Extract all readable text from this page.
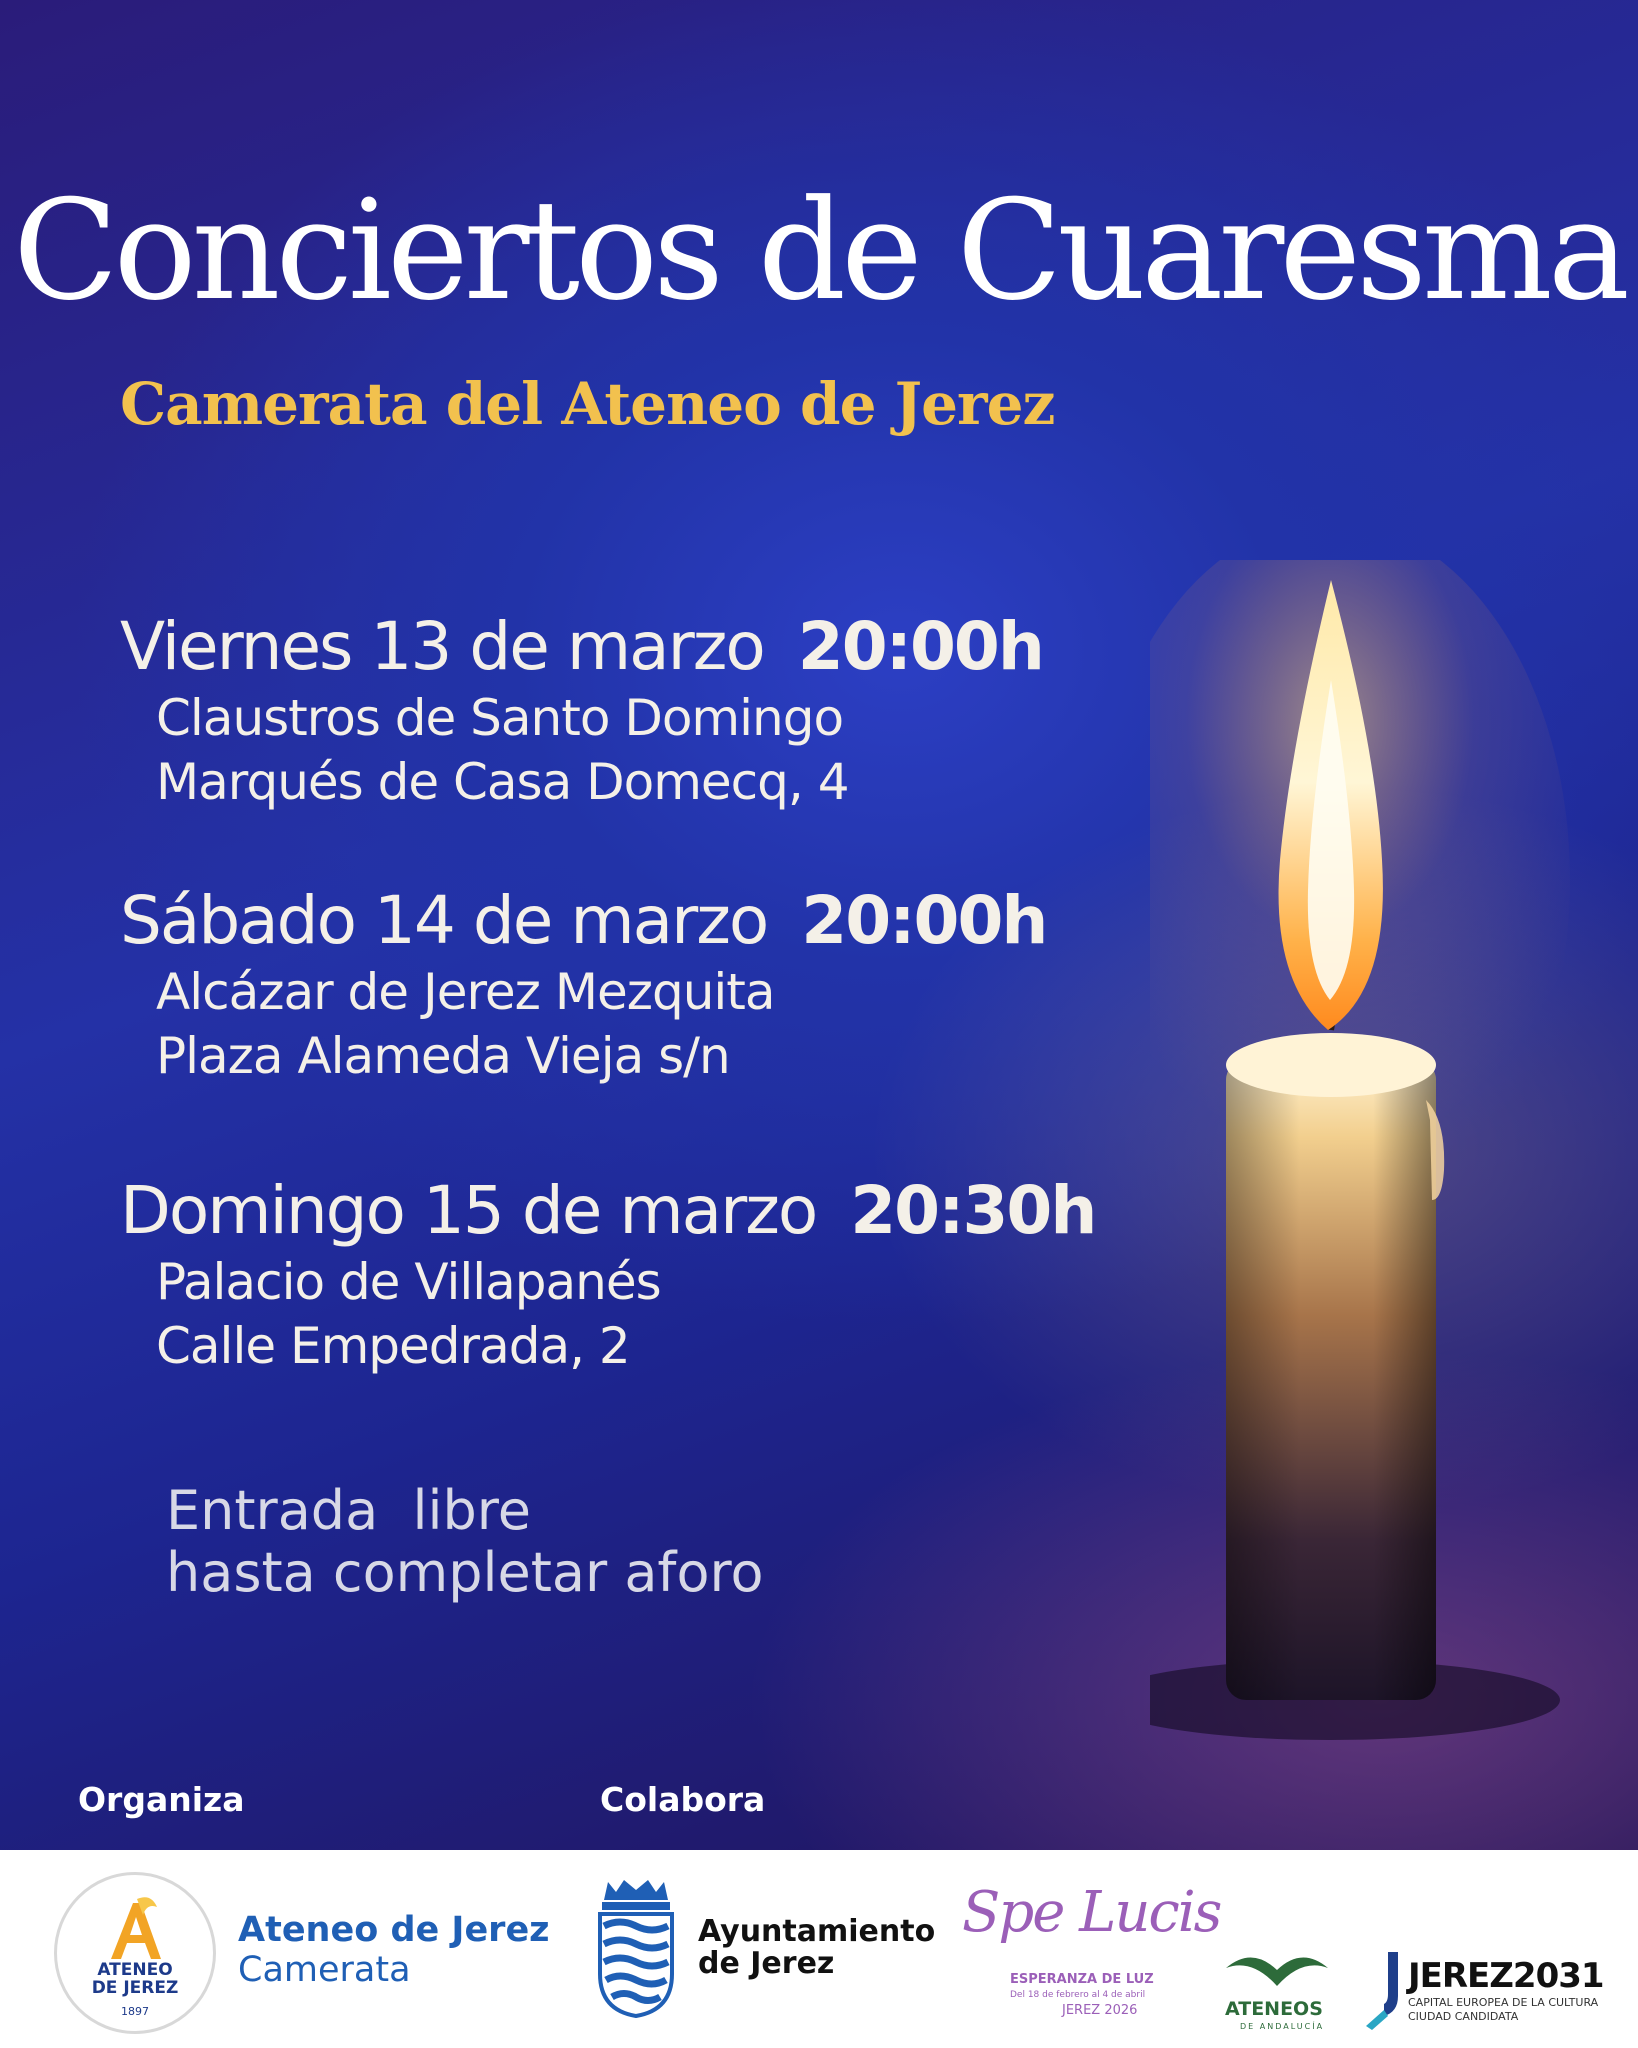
Conciertos de Cuaresma
Camerata del Ateneo de Jerez
Viernes 13 de marzo 20:00h
Claustros de Santo Domingo
Marqués de Casa Domecq, 4
Sábado 14 de marzo 20:00h
Alcázar de Jerez Mezquita
Plaza Alameda Vieja s/n
Domingo 15 de marzo 20:30h
Palacio de Villapanés
Calle Empedrada, 2
Entrada  libre
hasta completar aforo
Organiza	Colabora
ATENEO
DE JEREZ
1897
Ateneo de Jerez
Camerata
Ayuntamiento
de Jerez
Spe Lucis
ESPERANZA DE LUZ
Del 18 de febrero al 4 de abril
JEREZ 2026	ATENEOS
DE ANDALUCÍA
JEREZ2031
CAPITAL EUROPEA DE LA CULTURA
CIUDAD CANDIDATA
